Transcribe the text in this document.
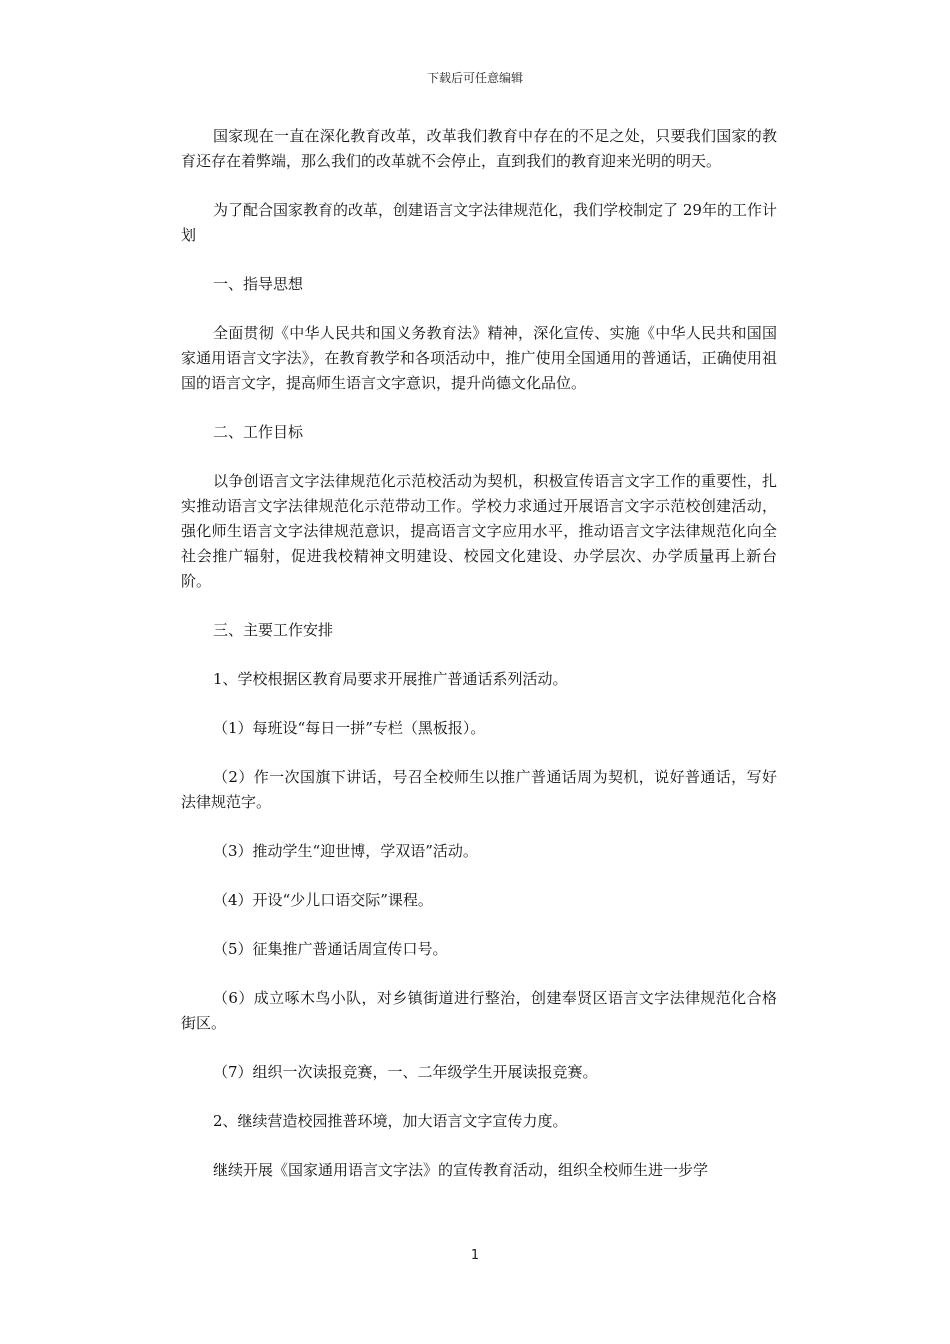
下载后可任意编辑

国家现在一直在深化教育改革，改革我们教育中存在的不足之处，只要我们国家的教育还存在着弊端，那么我们的改革就不会停止，直到我们的教育迎来光明的明天。

为了配合国家教育的改革，创建语言文字法律规范化，我们学校制定了 29年的工作计划

一、指导思想

全面贯彻《中华人民共和国义务教育法》精神，深化宣传、实施《中华人民共和国国家通用语言文字法》，在教育教学和各项活动中，推广使用全国通用的普通话，正确使用祖国的语言文字，提高师生语言文字意识，提升尚德文化品位。

二、工作目标

以争创语言文字法律规范化示范校活动为契机，积极宣传语言文字工作的重要性，扎实推动语言文字法律规范化示范带动工作。学校力求通过开展语言文字示范校创建活动，强化师生语言文字法律规范意识，提高语言文字应用水平，推动语言文字法律规范化向全社会推广辐射，促进我校精神文明建设、校园文化建设、办学层次、办学质量再上新台阶。

三、主要工作安排

1、学校根据区教育局要求开展推广普通话系列活动。

（1）每班设“每日一拼”专栏（黑板报）。

（2）作一次国旗下讲话，号召全校师生以推广普通话周为契机，说好普通话，写好法律规范字。

（3）推动学生“迎世博，学双语”活动。

（4）开设“少儿口语交际”课程。

（5）征集推广普通话周宣传口号。

（6）成立啄木鸟小队，对乡镇街道进行整治，创建奉贤区语言文字法律规范化合格街区。

（7）组织一次读报竞赛，一、二年级学生开展读报竞赛。

2、继续营造校园推普环境，加大语言文字宣传力度。

继续开展《国家通用语言文字法》的宣传教育活动，组织全校师生进一步学

1
